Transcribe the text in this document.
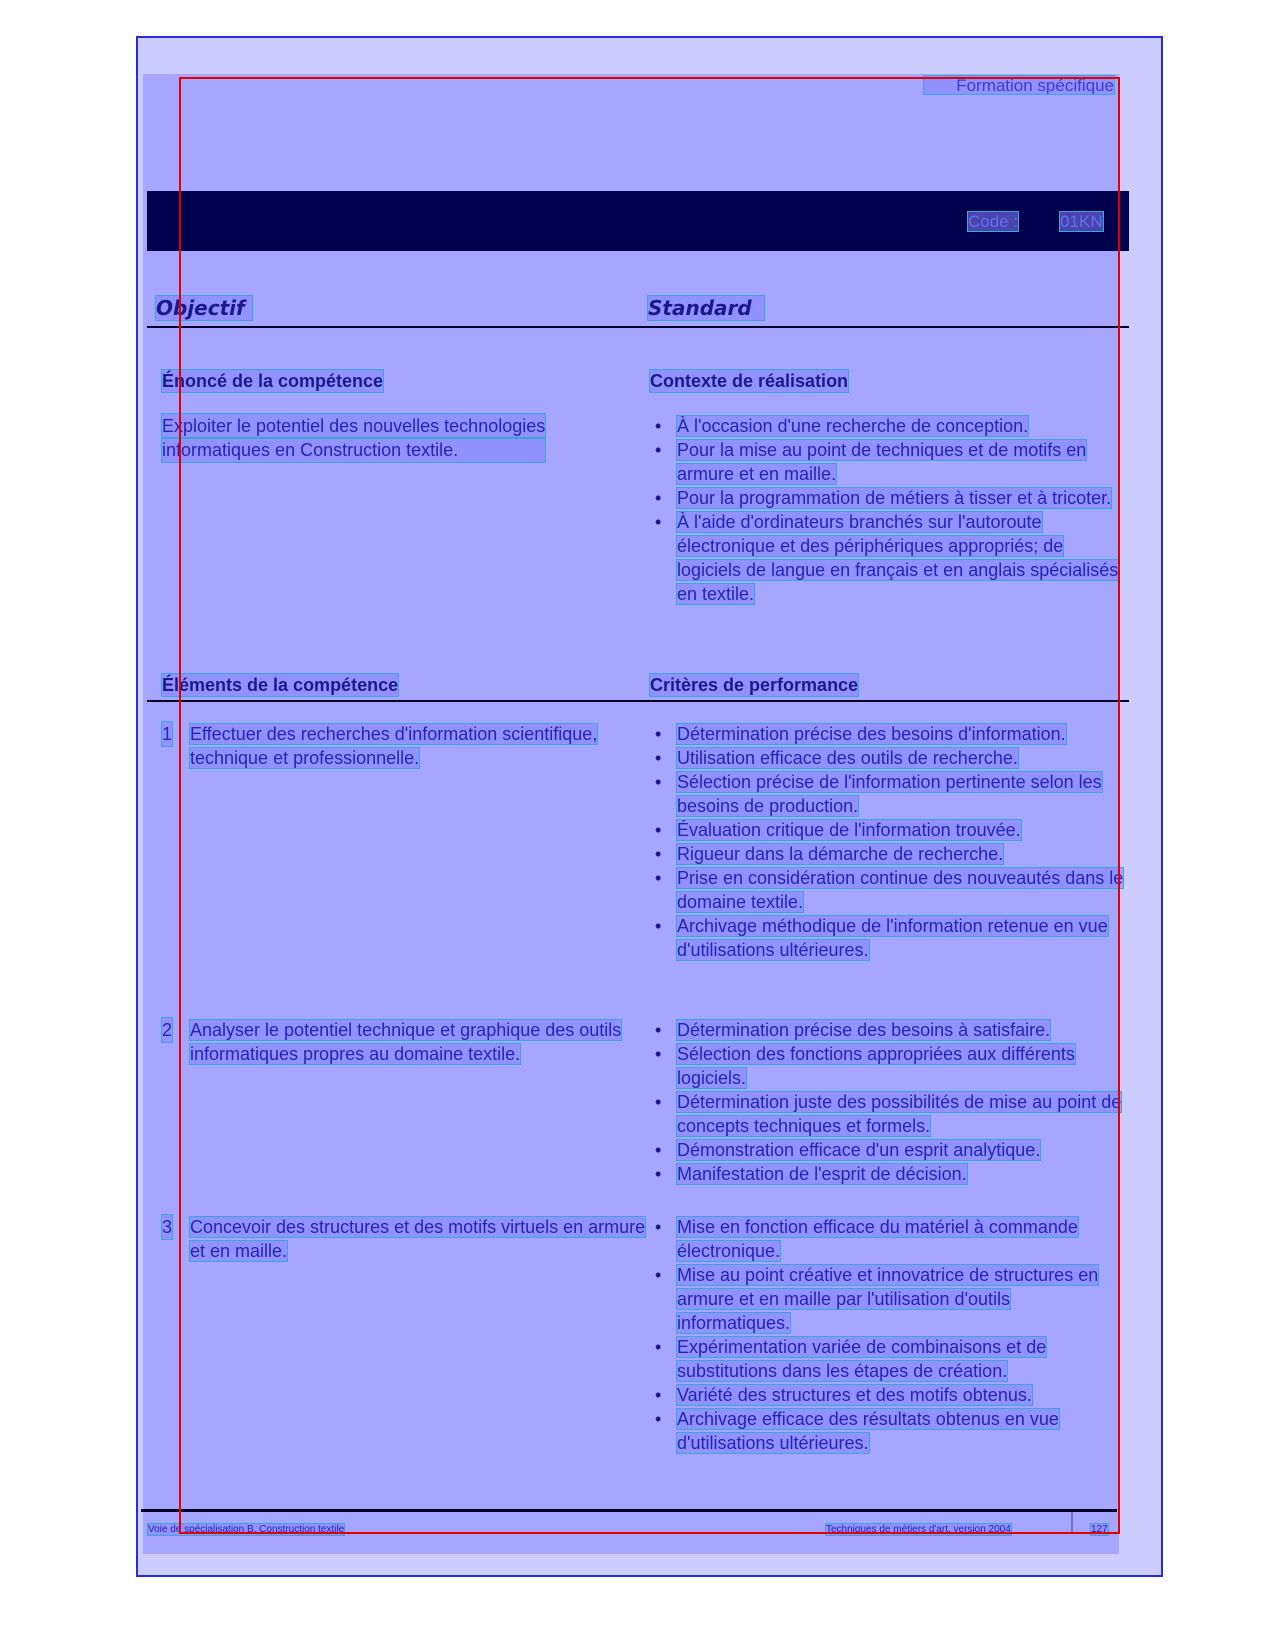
Formation spécifique
Code : 01KN
Objectif	Standard
Énoncé de la compétence	Contexte de réalisation
Exploiter le potentiel des nouvelles technologies
informatiques en Construction textile.
• À l'occasion d'une recherche de conception.
• Pour la mise au point de techniques et de motifs en armure et en maille.
• Pour la programmation de métiers à tisser et à tricoter.
• À l'aide d'ordinateurs branchés sur l'autoroute électronique et des périphériques appropriés; de logiciels de langue en français et en anglais spécialisés en textile.
Éléments de la compétence	Critères de performance
1 Effectuer des recherches d'information scientifique, technique et professionnelle.
• Détermination précise des besoins d'information.
• Utilisation efficace des outils de recherche.
• Sélection précise de l'information pertinente selon les besoins de production.
• Évaluation critique de l'information trouvée.
• Rigueur dans la démarche de recherche.
• Prise en considération continue des nouveautés dans le domaine textile.
• Archivage méthodique de l'information retenue en vue d'utilisations ultérieures.
2 Analyser le potentiel technique et graphique des outils informatiques propres au domaine textile.
• Détermination précise des besoins à satisfaire.
• Sélection des fonctions appropriées aux différents logiciels.
• Détermination juste des possibilités de mise au point de concepts techniques et formels.
• Démonstration efficace d'un esprit analytique.
• Manifestation de l'esprit de décision.
3 Concevoir des structures et des motifs virtuels en armure et en maille.
• Mise en fonction efficace du matériel à commande électronique.
• Mise au point créative et innovatrice de structures en armure et en maille par l'utilisation d'outils informatiques.
• Expérimentation variée de combinaisons et de substitutions dans les étapes de création.
• Variété des structures et des motifs obtenus.
• Archivage efficace des résultats obtenus en vue d'utilisations ultérieures.
Voie de spécialisation B, Construction textile	Techniques de métiers d'art, version 2004	127
